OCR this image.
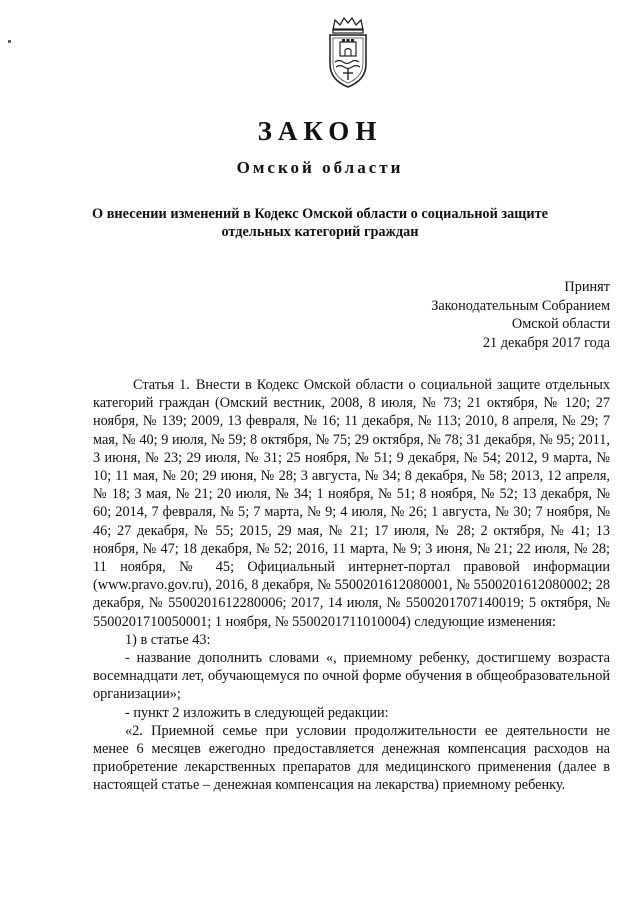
ЗАКОН
Омской области
О внесении изменений в Кодекс Омской области о социальной защите отдельных категорий граждан
Принят
Законодательным Собранием
Омской области
21 декабря 2017 года

Статья 1. Внести в Кодекс Омской области о социальной защите отдельных категорий граждан (Омский вестник, 2008, 8 июля, № 73; 21 октября, № 120; 27 ноября, № 139; 2009, 13 февраля, № 16; 11 декабря, № 113; 2010, 8 апреля, № 29; 7 мая, № 40; 9 июля, № 59; 8 октября, № 75; 29 октября, № 78; 31 декабря, № 95; 2011, 3 июня, № 23; 29 июля, № 31; 25 ноября, № 51; 9 декабря, № 54; 2012, 9 марта, № 10; 11 мая, № 20; 29 июня, № 28; 3 августа, № 34; 8 декабря, № 58; 2013, 12 апреля, № 18; 3 мая, № 21; 20 июля, № 34; 1 ноября, № 51; 8 ноября, № 52; 13 декабря, № 60; 2014, 7 февраля, № 5; 7 марта, № 9; 4 июля, № 26; 1 августа, № 30; 7 ноября, № 46; 27 декабря, № 55; 2015, 29 мая, № 21; 17 июля, № 28; 2 октября, № 41; 13 ноября, № 47; 18 декабря, № 52; 2016, 11 марта, № 9; 3 июня, № 21; 22 июля, № 28; 11 ноября, № 45; Официальный интернет-портал правовой информации (www.pravo.gov.ru), 2016, 8 декабря, № 5500201612080001, № 5500201612080002; 28 декабря, № 5500201612280006; 2017, 14 июля, № 5500201707140019; 5 октября, № 5500201710050001; 1 ноября, № 5500201711010004) следующие изменения:

1) в статье 43:

- название дополнить словами «, приемному ребенку, достигшему возраста восемнадцати лет, обучающемуся по очной форме обучения в общеобразовательной организации»;

- пункт 2 изложить в следующей редакции:

«2. Приемной семье при условии продолжительности ее деятельности не менее 6 месяцев ежегодно предоставляется денежная компенсация расходов на приобретение лекарственных препаратов для медицинского применения (далее в настоящей статье – денежная компенсация на лекарства) приемному ребенку.
